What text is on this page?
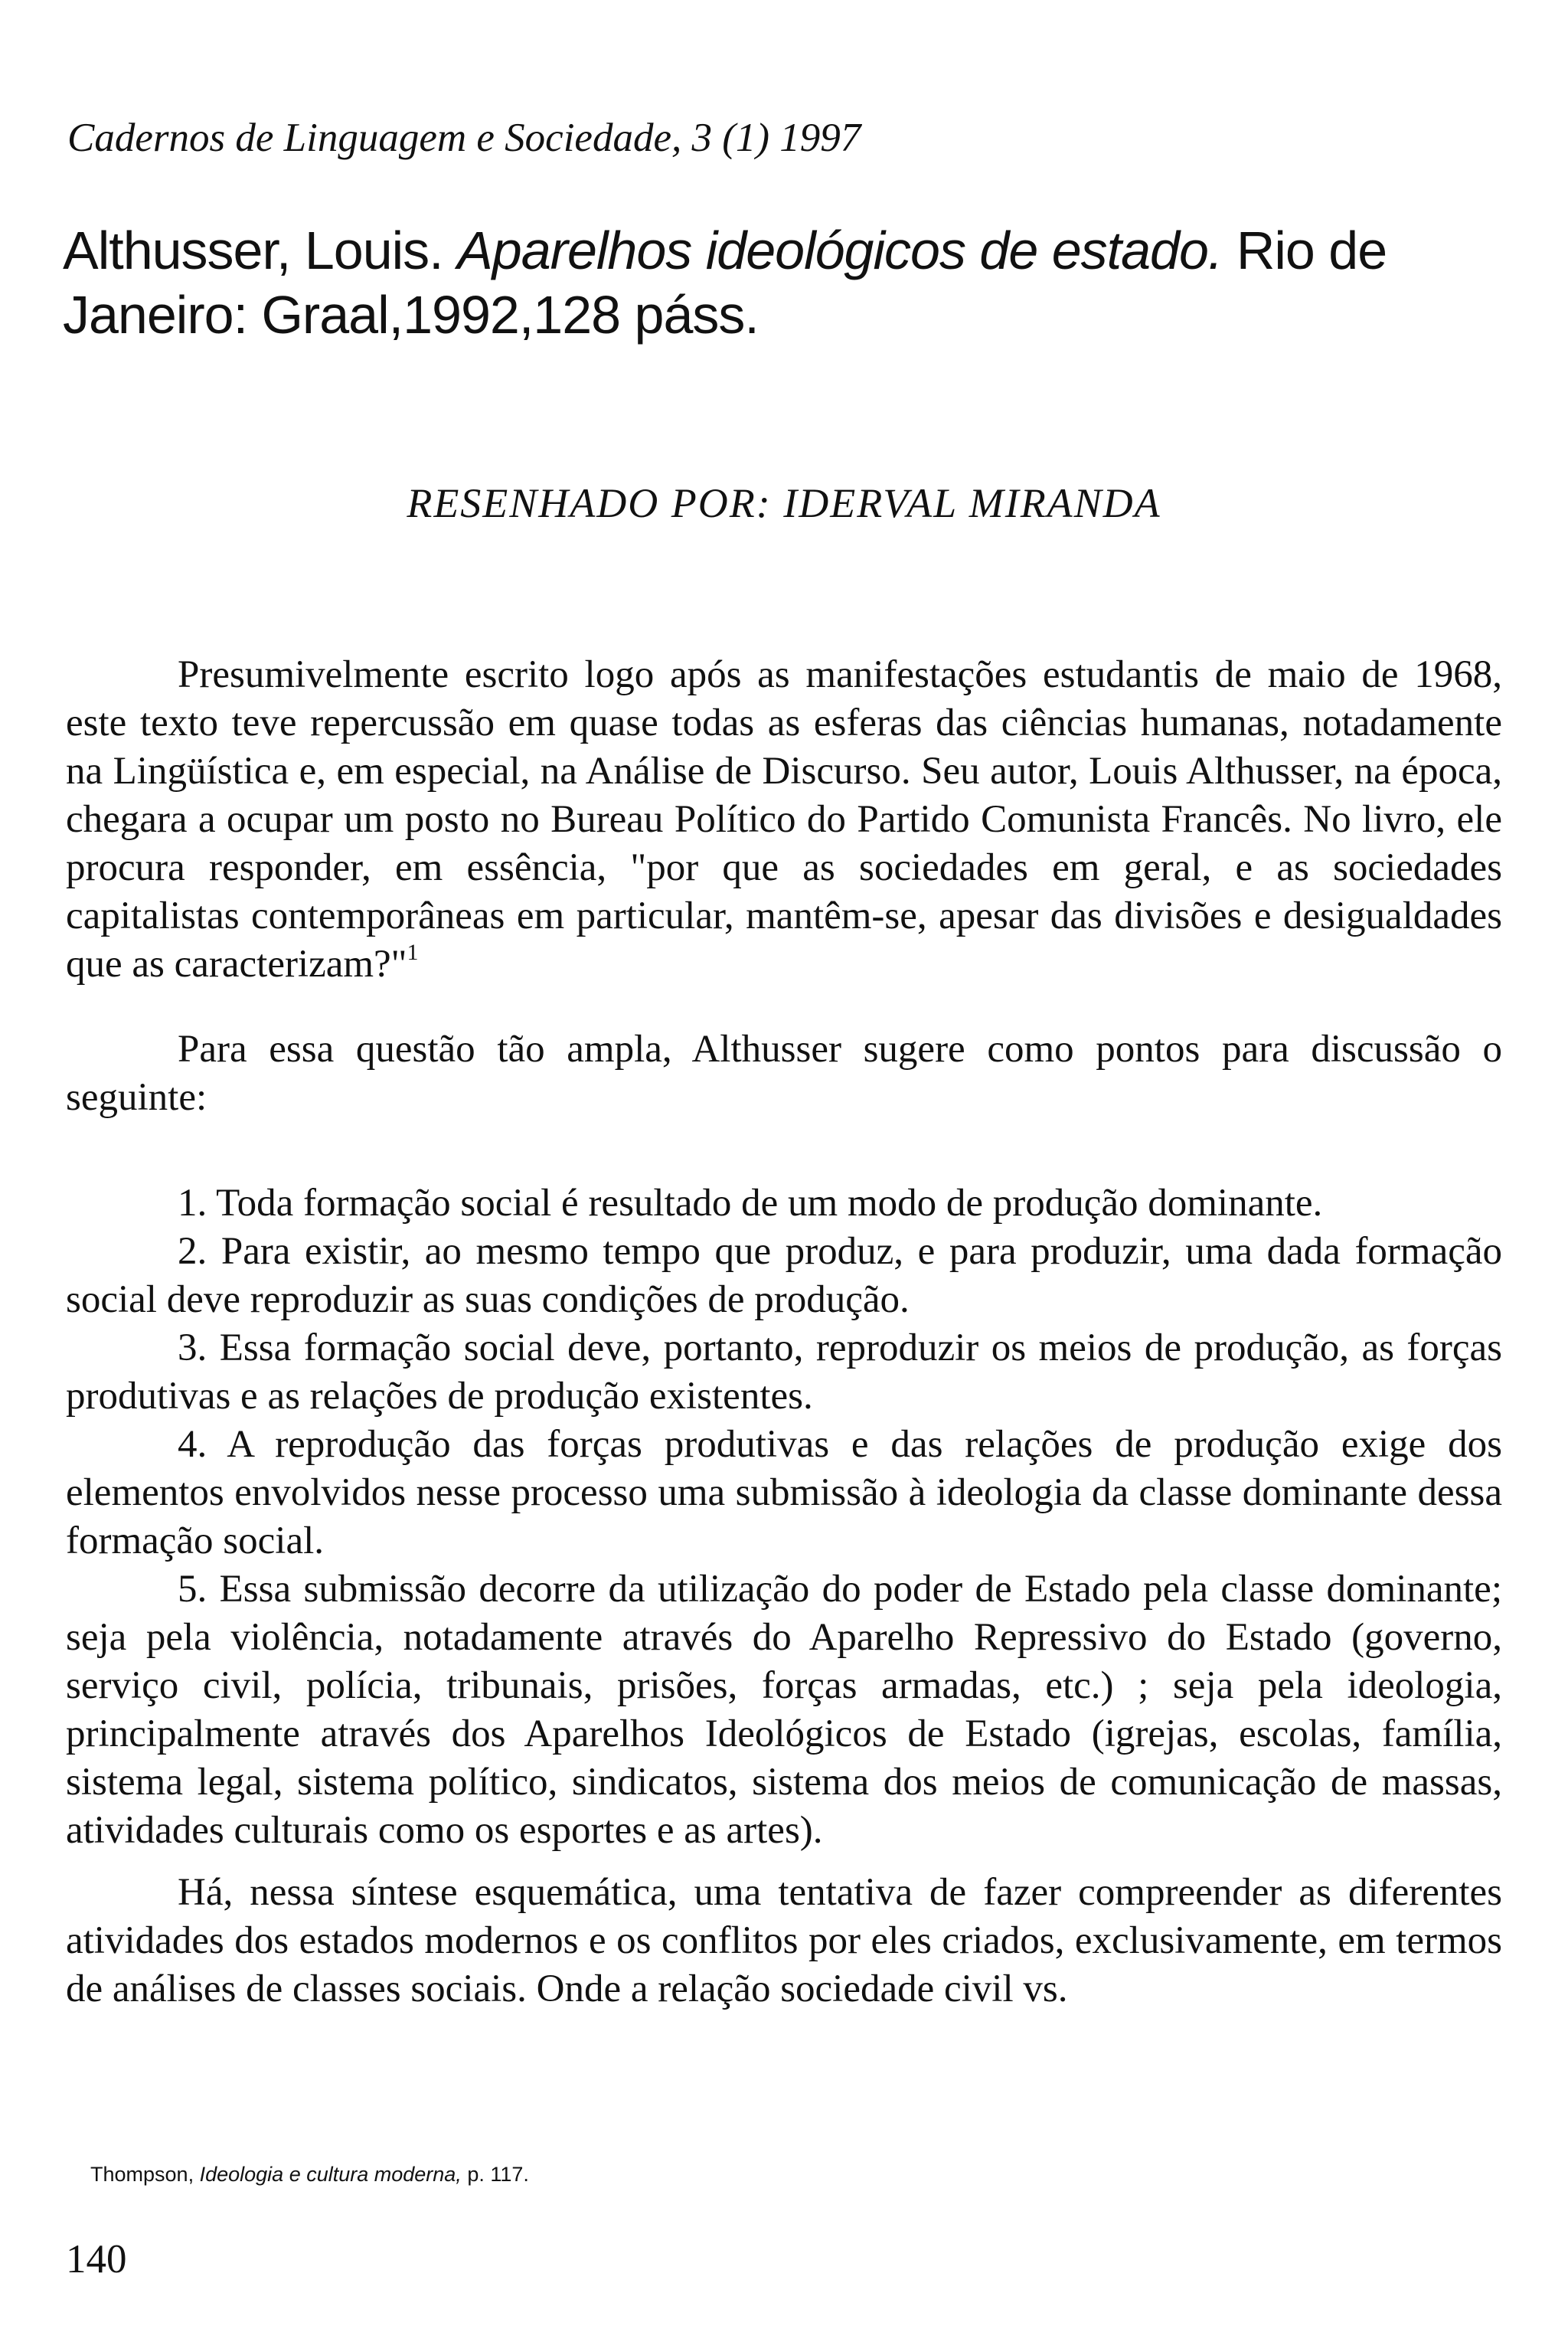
Cadernos de Linguagem e Sociedade, 3 (1) 1997
Althusser, Louis. Aparelhos ideológicos de estado. Rio de Janeiro: Graal,1992,128 páss.
RESENHADO POR: IDERVAL MIRANDA

Presumivelmente escrito logo após as manifestações estudantis de maio de 1968, este texto teve repercussão em quase todas as esferas das ciências humanas, notadamente na Lingüística e, em especial, na Análise de Discurso. Seu autor, Louis Althusser, na época, chegara a ocupar um posto no Bureau Político do Partido Comunista Francês. No livro, ele procura responder, em essência, "por que as sociedades em geral, e as sociedades capitalistas contemporâneas em particular, mantêm-se, apesar das divisões e desigualdades que as caracterizam?"$^1$

Para essa questão tão ampla, Althusser sugere como pontos para discussão o seguinte:

1. Toda formação social é resultado de um modo de produção dominante.

2. Para existir, ao mesmo tempo que produz, e para produzir, uma dada formação social deve reproduzir as suas condições de produção.

3. Essa formação social deve, portanto, reproduzir os meios de produção, as forças produtivas e as relações de produção existentes.

4. A reprodução das forças produtivas e das relações de produção exige dos elementos envolvidos nesse processo uma submissão à ideologia da classe dominante dessa formação social.

5. Essa submissão decorre da utilização do poder de Estado pela classe dominante; seja pela violência, notadamente através do Aparelho Repressivo do Estado (governo, serviço civil, polícia, tribunais, prisões, forças armadas, etc.) ; seja pela ideologia, principalmente através dos Aparelhos Ideológicos de Estado (igrejas, escolas, família, sistema legal, sistema político, sindicatos, sistema dos meios de comunicação de massas, atividades culturais como os esportes e as artes).

Há, nessa síntese esquemática, uma tentativa de fazer compreender as diferentes atividades dos estados modernos e os conflitos por eles criados, exclusivamente, em termos de análises de classes sociais. Onde a relação sociedade civil vs.

Thompson, Ideologia e cultura moderna, p. 117.
140
